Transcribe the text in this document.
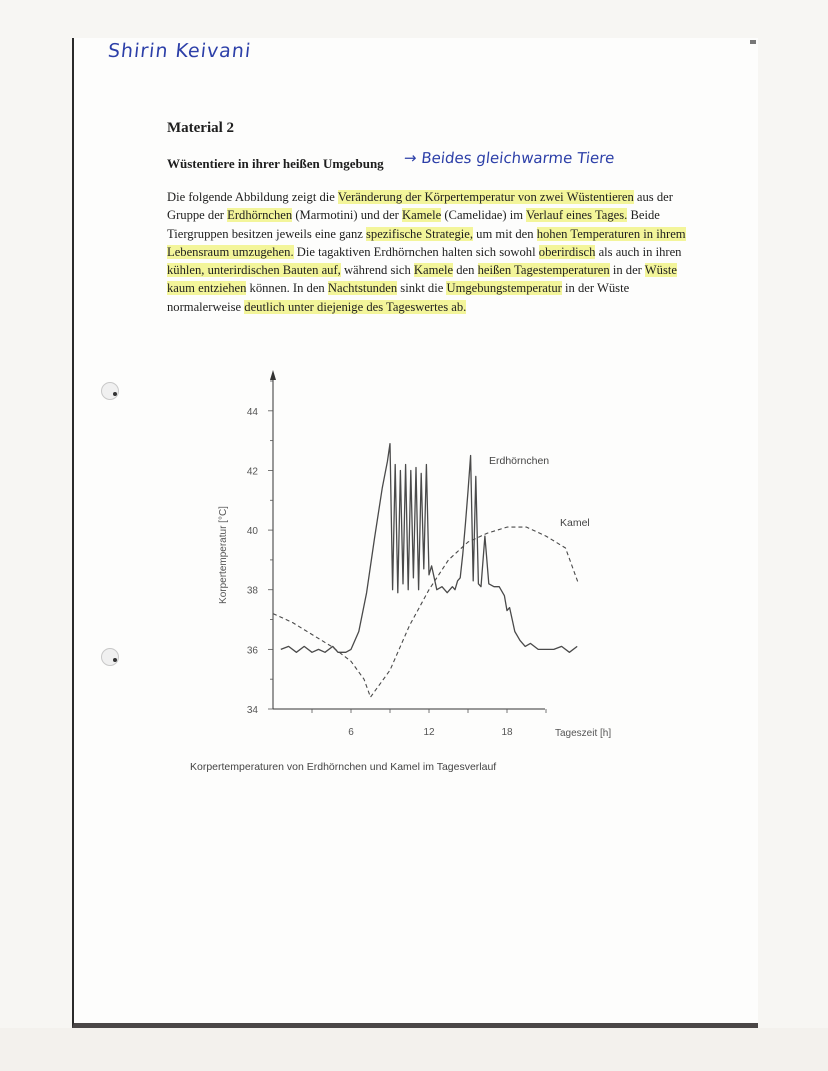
Shirin Keivani
Material 2
Wüstentiere in ihrer heißen Umgebung → Beides gleichwarme Tiere

Die folgende Abbildung zeigt die Veränderung der Körpertemperatur von zwei Wüstentieren aus der Gruppe der Erdhörnchen (Marmotini) und der Kamele (Camelidae) im Verlauf eines Tages. Beide Tiergruppen besitzen jeweils eine ganz spezifische Strategie, um mit den hohen Temperaturen in ihrem Lebensraum umzugehen. Die tagaktiven Erdhörnchen halten sich sowohl oberirdisch als auch in ihren kühlen, unterirdischen Bauten auf, während sich Kamele den heißen Tagestemperaturen in der Wüste kaum entziehen können. In den Nachtstunden sinkt die Umgebungstemperatur in der Wüste normalerweise deutlich unter diejenige des Tageswertes ab.

34
36
38
40
42
44
6	12	18
Korpertemperatur [°C]
Tageszeit [h]
Erdhörnchen
Kamel

Korpertemperaturen von Erdhörnchen und Kamel im Tagesverlauf
